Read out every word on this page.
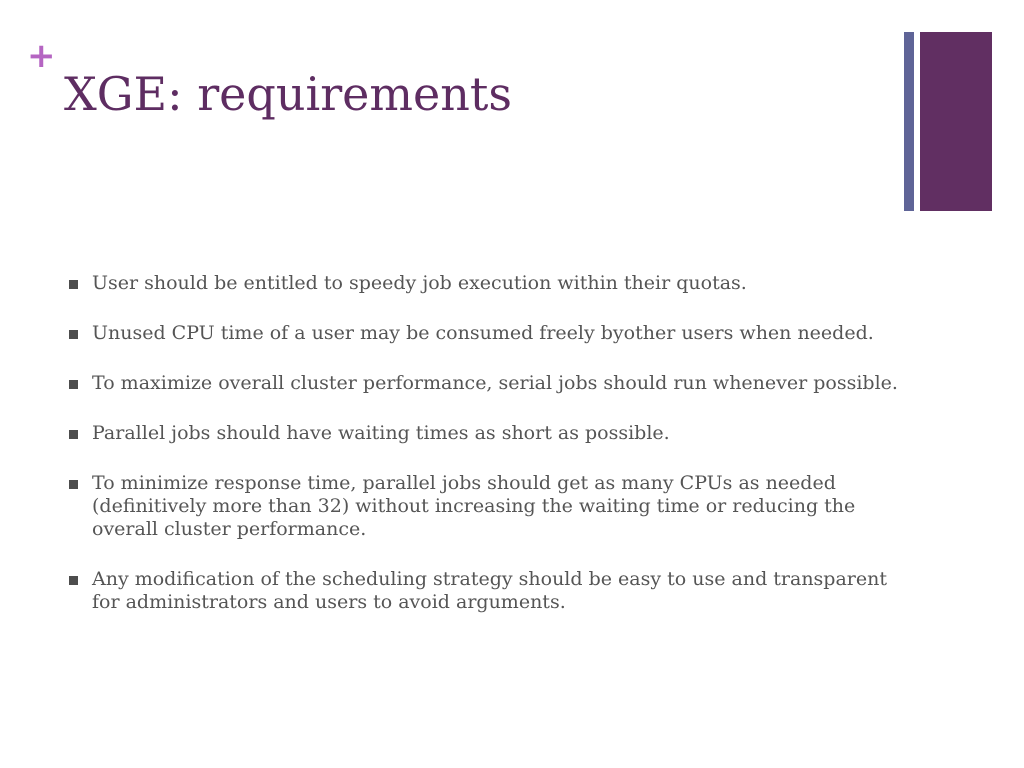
+
XGE: requirements
User should be entitled to speedy job execution within their quotas.
Unused CPU time of a user may be consumed freely byother users when needed.
To maximize overall cluster performance, serial jobs should run whenever possible.
Parallel jobs should have waiting times as short as possible.
To minimize response time, parallel jobs should get as many CPUs as needed (deﬁnitively more than 32) without increasing the waiting time or reducing the overall cluster performance.
Any modiﬁcation of the scheduling strategy should be easy to use and transparent for administrators and users to avoid arguments.
